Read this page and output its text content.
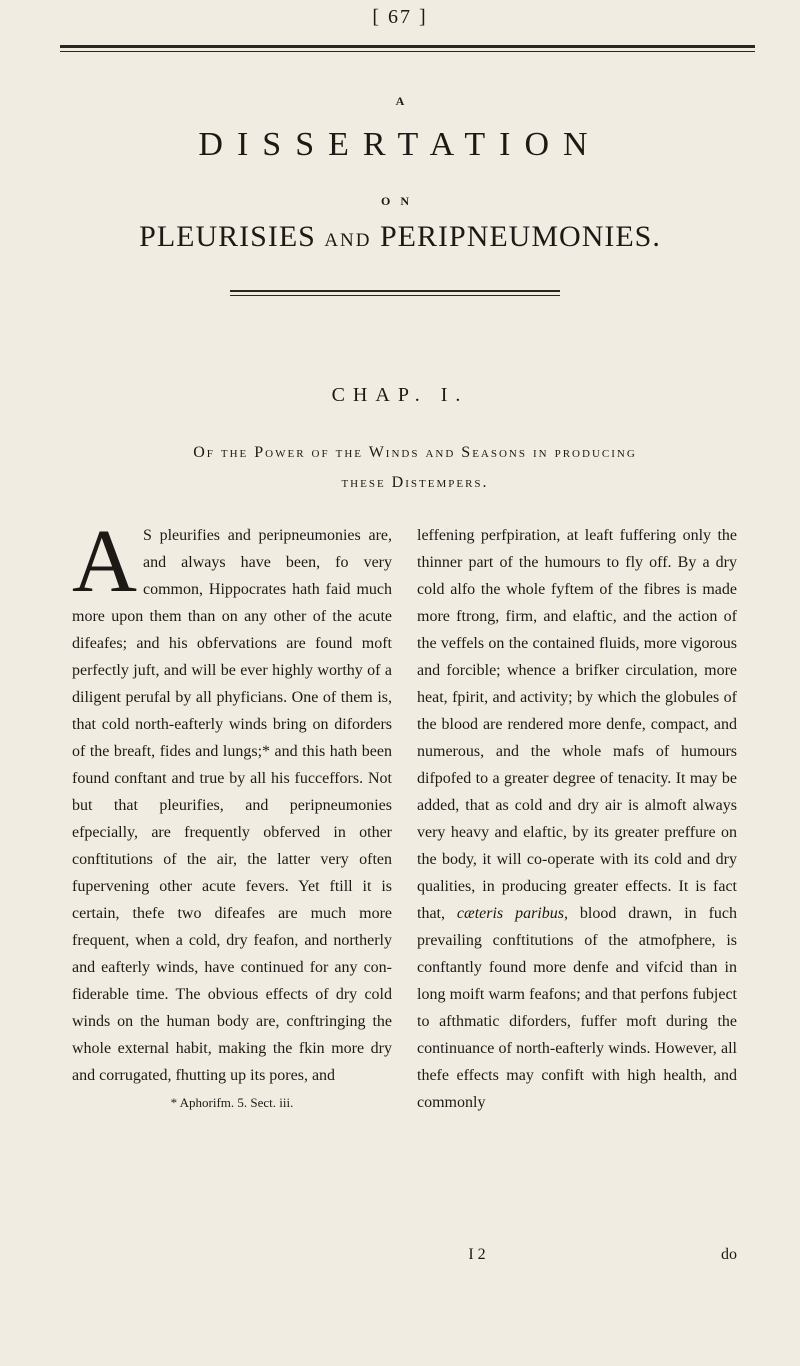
[ 67 ]
A
DISSERTATION
ON
PLEURISIES AND PERIPNEUMONIES.
CHAP. I.
Of the Power of the Winds and Seasons in producing
these Distempers.
A S pleurifies and peripneumonies are, and always have been, fo very common, Hippocrates hath faid much more upon them than on any other of the acute difeafes; and his obfervations are found moft perfectly juft, and will be ever highly worthy of a diligent perufal by all phyficians. One of them is, that cold north-eafterly winds bring on diforders of the breaft, fides and lungs;* and this hath been found conftant and true by all his fucceffors. Not but that pleurifies, and peripneumonies efpecially, are frequently obferved in other conftitutions of the air, the latter very often fupervening other acute fevers. Yet ftill it is certain, thefe two difeafes are much more frequent, when a cold, dry feafon, and northerly and eafterly winds, have continued for any confiderable time. The obvious effects of dry cold winds on the human body are, conftringing the whole external habit, making the fkin more dry and corrugated, fhutting up its pores, and
* Aphorifm. 5. Sect. iii.
leffening perfpiration, at leaft fuffering only the thinner part of the humours to fly off. By a dry cold alfo the whole fyftem of the fibres is made more ftrong, firm, and elaftic, and the action of the veffels on the contained fluids, more vigorous and forcible; whence a brifker circulation, more heat, fpirit, and activity; by which the globules of the blood are rendered more denfe, compact, and numerous, and the whole mafs of humours difpofed to a greater degree of tenacity. It may be added, that as cold and dry air is almoft always very heavy and elaftic, by its greater preffure on the body, it will co-operate with its cold and dry qualities, in producing greater effects. It is fact that, cæteris paribus, blood drawn, in fuch prevailing conftitutions of the atmofphere, is conftantly found more denfe and vifcid than in long moift warm feafons; and that perfons fubject to afthmatic diforders, fuffer moft during the continuance of north-eafterly winds. However, all thefe effects may confift with high health, and commonly
I 2	do
